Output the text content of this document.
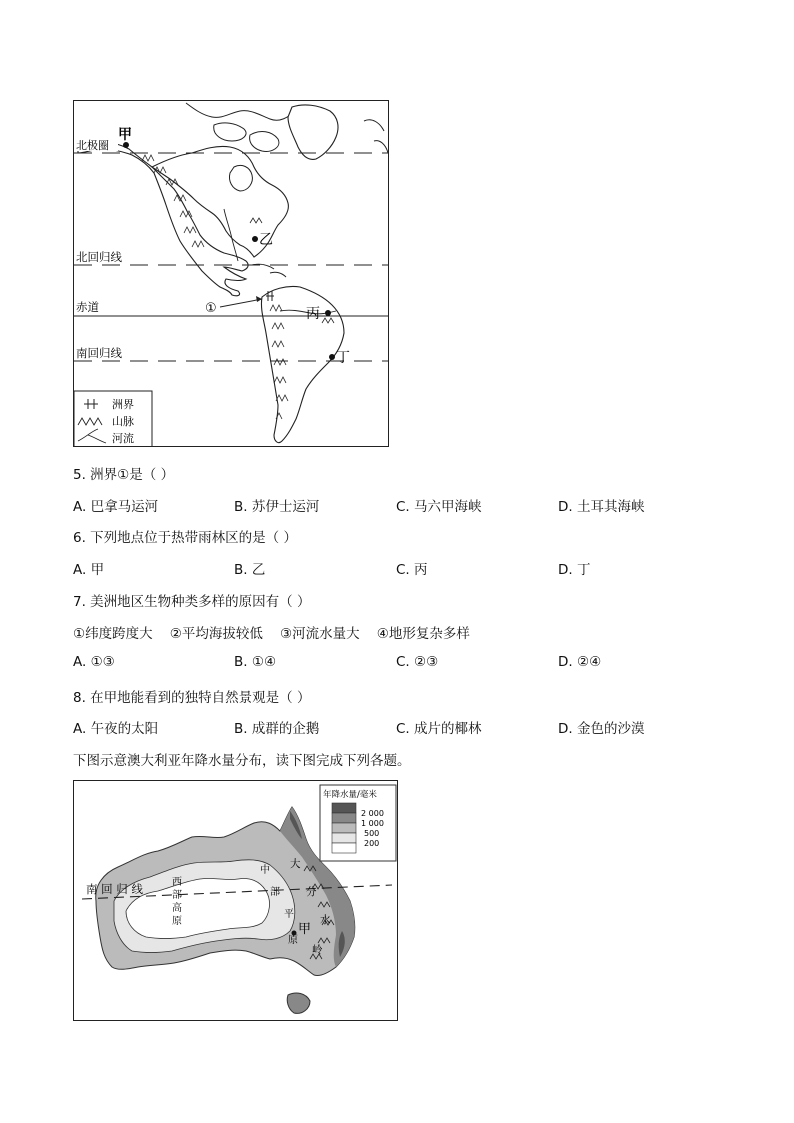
北极圈
北回归线
赤道
南回归线
甲
乙
丙
丁
①
洲界
山脉
河流
5. 洲界①是（ ）
A. 巴拿马运河	B. 苏伊士运河	C. 马六甲海峡	D. 土耳其海峡
6. 下列地点位于热带雨林区的是（ ）
A. 甲	B. 乙	C. 丙	D. 丁
7. 美洲地区生物种类多样的原因有（ ）
①纬度跨度大    ②平均海拔较低    ③河流水量大    ④地形复杂多样
A. ①③	B. ①④	C. ②③	D. ②④
8. 在甲地能看到的独特自然景观是（ ）
A. 午夜的太阳	B. 成群的企鹅	C. 成片的椰林	D. 金色的沙漠
下图示意澳大利亚年降水量分布，读下图完成下列各题。
南 回 归 线	西
部
高
原
中
部
平
原
大
分
水
岭
甲
年降水量/毫米
2 000
1 000
500
200
